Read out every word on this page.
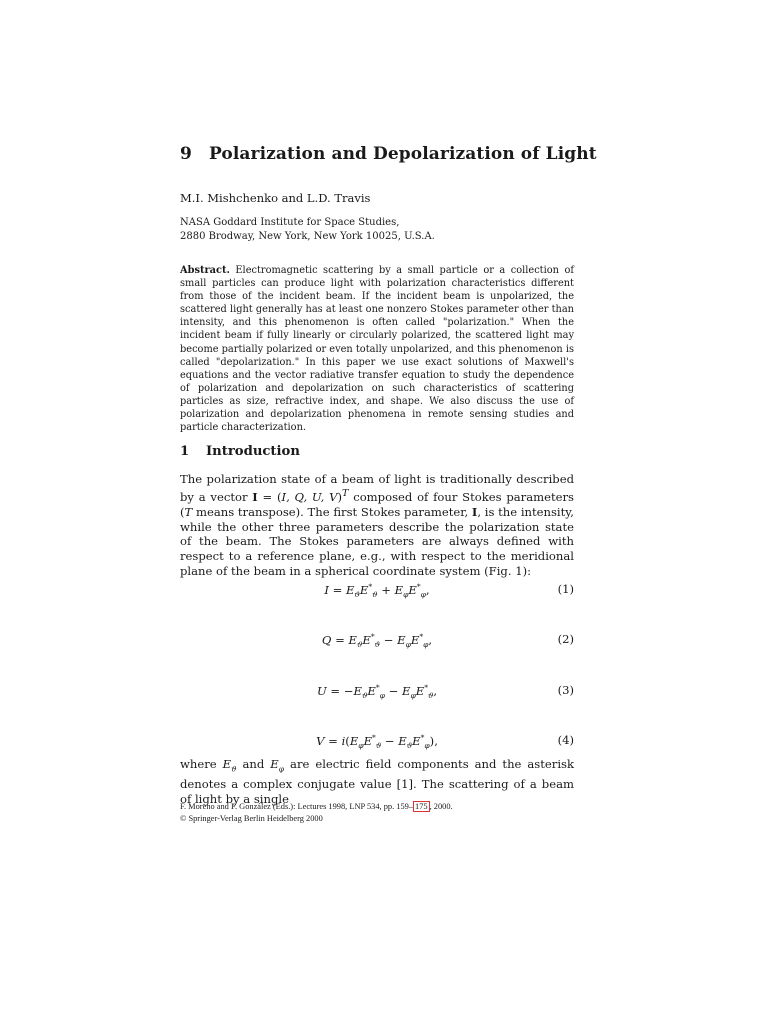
9 Polarization and Depolarization of Light
M.I. Mishchenko and L.D. Travis
NASA Goddard Institute for Space Studies,
2880 Brodway, New York, New York 10025, U.S.A.
Abstract. Electromagnetic scattering by a small particle or a collection of small particles can produce light with polarization characteristics different from those of the incident beam. If the incident beam is unpolarized, the scattered light generally has at least one nonzero Stokes parameter other than intensity, and this phenomenon is often called "polarization." When the incident beam if fully linearly or circularly polarized, the scattered light may become partially polarized or even totally unpolarized, and this phenomenon is called "depolarization." In this paper we use exact solutions of Maxwell's equations and the vector radiative transfer equation to study the dependence of polarization and depolarization on such characteristics of scattering particles as size, refractive index, and shape. We also discuss the use of polarization and depolarization phenomena in remote sensing studies and particle characterization.
1 Introduction
The polarization state of a beam of light is traditionally described by a vector I = (I, Q, U, V)$^T$ composed of four Stokes parameters (T means transpose). The first Stokes parameter, I, is the intensity, while the other three parameters describe the polarization state of the beam. The Stokes parameters are always defined with respect to a reference plane, e.g., with respect to the meridional plane of the beam in a spherical coordinate system (Fig. 1):
$I = E_ϑE^*_ϑ + E_\varphi E^*_\varphi$,	(1)
$Q = E_ϑE^*_ϑ - E_\varphi E^*_\varphi$,	(2)
$U = -E_ϑE^*_\varphi - E_\varphi E^*_ϑ$,	(3)
$V = i(E_\varphi E^*_ϑ - E_ϑE^*_\varphi)$,	(4)
where $E_ϑ$ and $E_\varphi$ are electric field components and the asterisk denotes a complex conjugate value [1]. The scattering of a beam of light by a single
F. Moreno and F. González (Eds.): Lectures 1998, LNP 534, pp. 159– 175 , 2000.
© Springer-Verlag Berlin Heidelberg 2000
